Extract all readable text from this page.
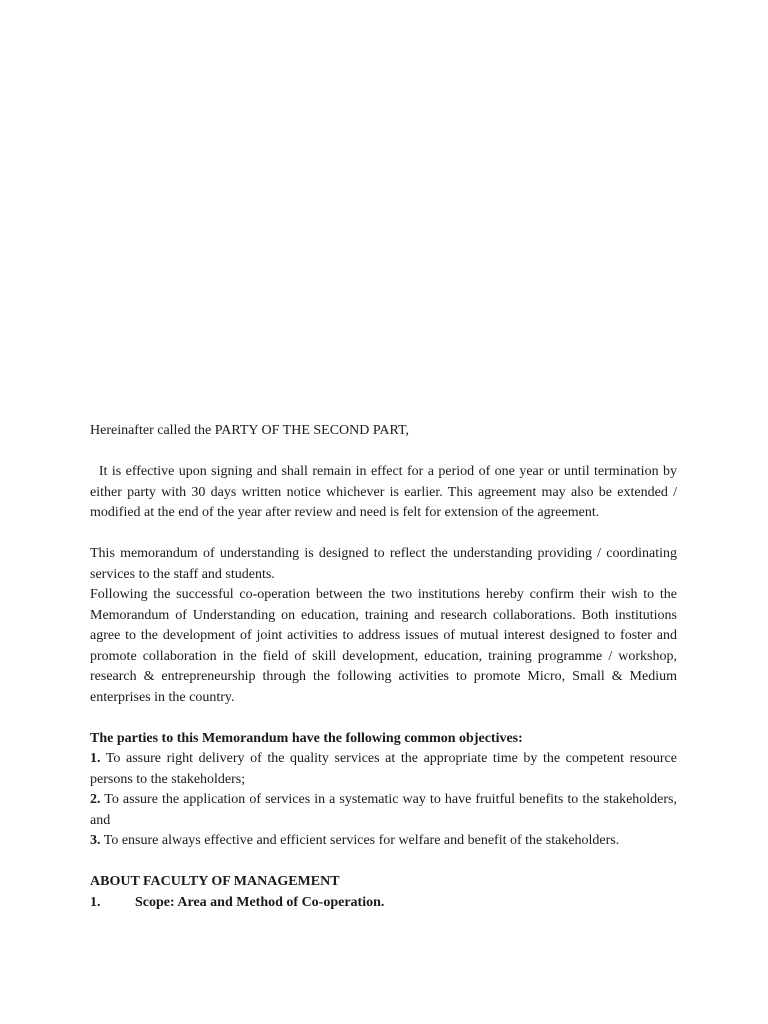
Hereinafter called the PARTY OF THE SECOND PART,

It is effective upon signing and shall remain in effect for a period of one year or until termination by either party with 30 days written notice whichever is earlier. This agreement may also be extended / modified at the end of the year after review and need is felt for extension of the agreement.

This memorandum of understanding is designed to reflect the understanding providing / coordinating services to the staff and students.

Following the successful co-operation between the two institutions hereby confirm their wish to the Memorandum of Understanding on education, training and research collaborations. Both institutions agree to the development of joint activities to address issues of mutual interest designed to foster and promote collaboration in the field of skill development, education, training programme / workshop, research & entrepreneurship through the following activities to promote Micro, Small & Medium enterprises in the country.

The parties to this Memorandum have the following common objectives:

1. To assure right delivery of the quality services at the appropriate time by the competent resource persons to the stakeholders;

2. To assure the application of services in a systematic way to have fruitful benefits to the stakeholders, and

3. To ensure always effective and efficient services for welfare and benefit of the stakeholders.

ABOUT FACULTY OF MANAGEMENT

1.	Scope: Area and Method of Co-operation.
